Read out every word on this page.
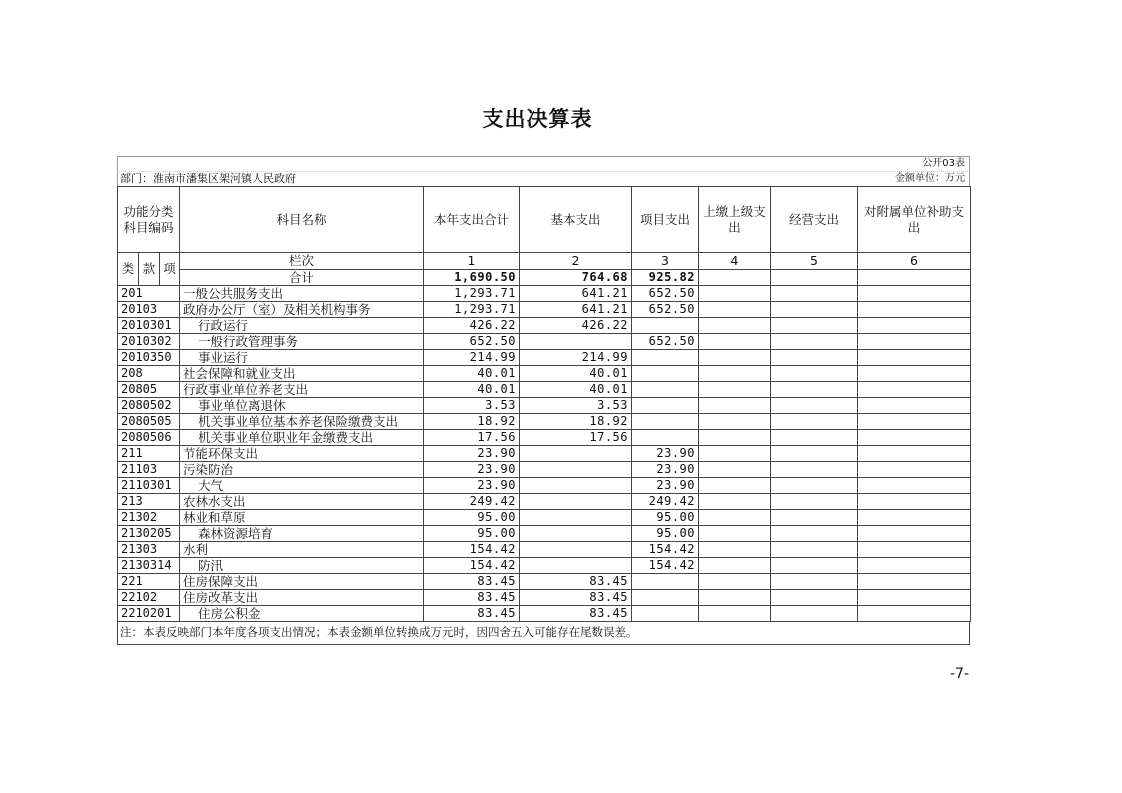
支出决算表
公开03表
部门：淮南市潘集区架河镇人民政府	金额单位：万元
功能分类科目编码			科目名称	本年支出合计	基本支出	项目支出	上缴上级支出	经营支出	对附属单位补助支出
类	款	项	栏次	1	2	3	4	5	6
			合计	1,690.50	764.68	925.82			
201			一般公共服务支出	1,293.71	641.21	652.50			
20103			政府办公厅（室）及相关机构事务	1,293.71	641.21	652.50			
2010301			行政运行	426.22	426.22				
2010302			一般行政管理事务	652.50		652.50			
2010350			事业运行	214.99	214.99				
208			社会保障和就业支出	40.01	40.01				
20805			行政事业单位养老支出	40.01	40.01				
2080502			事业单位离退休	3.53	3.53				
2080505			机关事业单位基本养老保险缴费支出	18.92	18.92				
2080506			机关事业单位职业年金缴费支出	17.56	17.56				
211			节能环保支出	23.90		23.90			
21103			污染防治	23.90		23.90			
2110301			大气	23.90		23.90			
213			农林水支出	249.42		249.42			
21302			林业和草原	95.00		95.00			
2130205			森林资源培育	95.00		95.00			
21303			水利	154.42		154.42			
2130314			防汛	154.42		154.42			
221			住房保障支出	83.45	83.45				
22102			住房改革支出	83.45	83.45				
2210201			住房公积金	83.45	83.45				
注：本表反映部门本年度各项支出情况；本表金额单位转换成万元时，因四舍五入可能存在尾数误差。
-7-
